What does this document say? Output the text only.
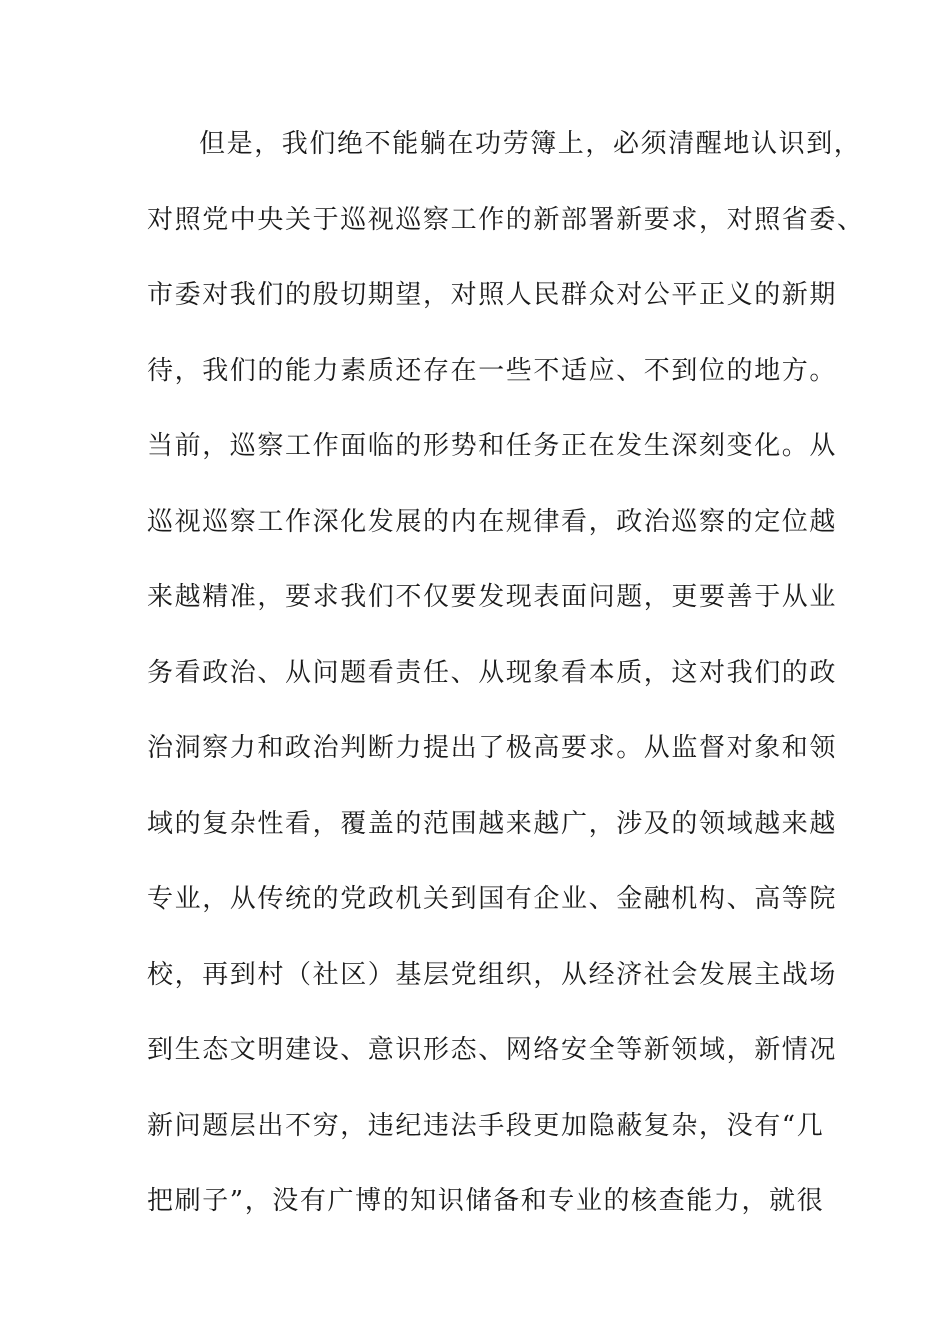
但是，我们绝不能躺在功劳簿上，必须清醒地认识到，
对照党中央关于巡视巡察工作的新部署新要求，对照省委、
市委对我们的殷切期望，对照人民群众对公平正义的新期
待，我们的能力素质还存在一些不适应、不到位的地方。
当前，巡察工作面临的形势和任务正在发生深刻变化。从
巡视巡察工作深化发展的内在规律看，政治巡察的定位越
来越精准，要求我们不仅要发现表面问题，更要善于从业
务看政治、从问题看责任、从现象看本质，这对我们的政
治洞察力和政治判断力提出了极高要求。从监督对象和领
域的复杂性看，覆盖的范围越来越广，涉及的领域越来越
专业，从传统的党政机关到国有企业、金融机构、高等院
校，再到村（社区）基层党组织，从经济社会发展主战场
到生态文明建设、意识形态、网络安全等新领域，新情况
新问题层出不穷，违纪违法手段更加隐蔽复杂，没有“几
把刷子”，没有广博的知识储备和专业的核查能力，就很
